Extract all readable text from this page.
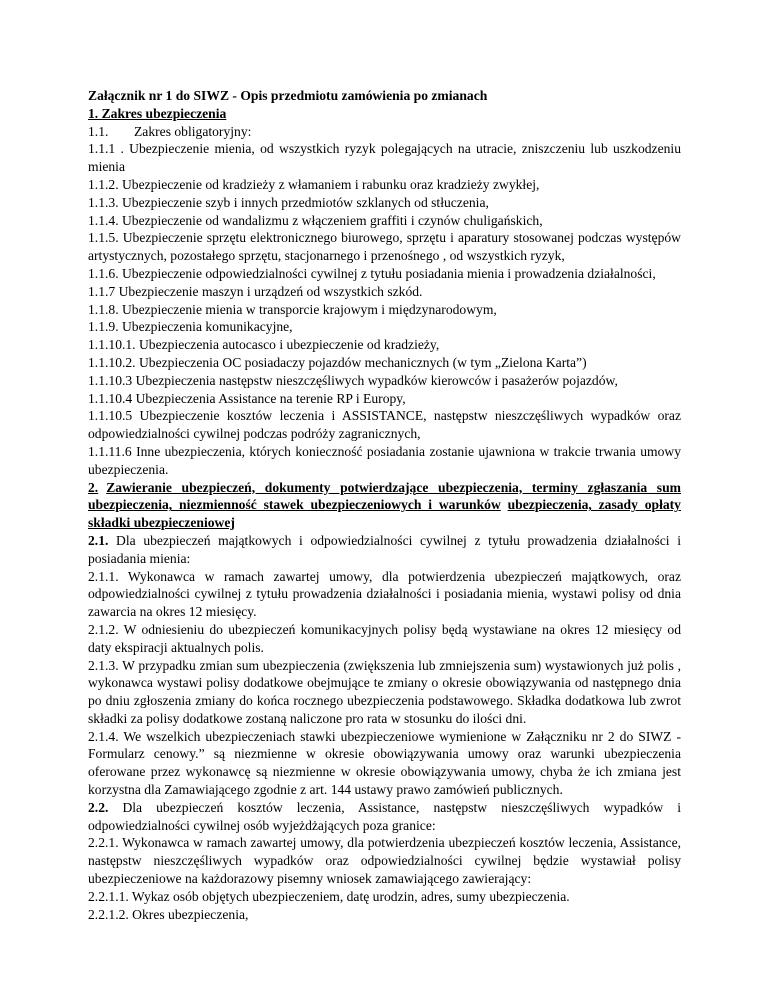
Załącznik nr 1 do SIWZ - Opis przedmiotu zamówienia po zmianach

1. Zakres ubezpieczenia

1.1. Zakres obligatoryjny:

1.1.1 . Ubezpieczenie mienia, od wszystkich ryzyk polegających na utracie, zniszczeniu lub uszkodzeniu mienia

1.1.2. Ubezpieczenie od kradzieży z włamaniem i rabunku oraz kradzieży zwykłej,

1.1.3. Ubezpieczenie szyb i innych przedmiotów szklanych od stłuczenia,

1.1.4. Ubezpieczenie od wandalizmu z włączeniem graffiti i czynów chuligańskich,

1.1.5. Ubezpieczenie sprzętu elektronicznego biurowego, sprzętu i aparatury stosowanej podczas występów artystycznych, pozostałego sprzętu, stacjonarnego i przenośnego , od wszystkich ryzyk,

1.1.6. Ubezpieczenie odpowiedzialności cywilnej z tytułu posiadania mienia i prowadzenia działalności,

1.1.7 Ubezpieczenie maszyn i urządzeń od wszystkich szkód.

1.1.8. Ubezpieczenie mienia w transporcie krajowym i międzynarodowym,

1.1.9. Ubezpieczenia komunikacyjne,

1.1.10.1. Ubezpieczenia autocasco i ubezpieczenie od kradzieży,

1.1.10.2. Ubezpieczenia OC posiadaczy pojazdów mechanicznych (w tym „Zielona Karta”)

1.1.10.3 Ubezpieczenia następstw nieszczęśliwych wypadków kierowców i pasażerów pojazdów,

1.1.10.4 Ubezpieczenia Assistance na terenie RP i Europy,

1.1.10.5 Ubezpieczenie kosztów leczenia i ASSISTANCE, następstw nieszczęśliwych wypadków oraz odpowiedzialności cywilnej podczas podróży zagranicznych,

1.1.11.6 Inne ubezpieczenia, których konieczność posiadania zostanie ujawniona w trakcie trwania umowy ubezpieczenia.

2. Zawieranie ubezpieczeń, dokumenty potwierdzające ubezpieczenia, terminy zgłaszania sum ubezpieczenia, niezmienność stawek ubezpieczeniowych i warunków ubezpieczenia, zasady opłaty składki ubezpieczeniowej

2.1. Dla ubezpieczeń majątkowych i odpowiedzialności cywilnej z tytułu prowadzenia działalności i posiadania mienia:

2.1.1. Wykonawca w ramach zawartej umowy, dla potwierdzenia ubezpieczeń majątkowych, oraz odpowiedzialności cywilnej z tytułu prowadzenia działalności i posiadania mienia, wystawi polisy od dnia zawarcia na okres 12 miesięcy.

2.1.2. W odniesieniu do ubezpieczeń komunikacyjnych polisy będą wystawiane na okres 12 miesięcy od daty ekspiracji aktualnych polis.

2.1.3. W przypadku zmian sum ubezpieczenia (zwiększenia lub zmniejszenia sum) wystawionych już polis , wykonawca wystawi polisy dodatkowe obejmujące te zmiany o okresie obowiązywania od następnego dnia po dniu zgłoszenia zmiany do końca rocznego ubezpieczenia podstawowego. Składka dodatkowa lub zwrot składki za polisy dodatkowe zostaną naliczone pro rata w stosunku do ilości dni.

2.1.4. We wszelkich ubezpieczeniach stawki ubezpieczeniowe wymienione w Załączniku nr 2 do SIWZ - Formularz cenowy.” są niezmienne w okresie obowiązywania umowy oraz warunki ubezpieczenia oferowane przez wykonawcę są niezmienne w okresie obowiązywania umowy, chyba że ich zmiana jest korzystna dla Zamawiającego zgodnie z art. 144 ustawy prawo zamówień publicznych.

2.2. Dla ubezpieczeń kosztów leczenia, Assistance, następstw nieszczęśliwych wypadków i odpowiedzialności cywilnej osób wyjeżdżających poza granice:

2.2.1. Wykonawca w ramach zawartej umowy, dla potwierdzenia ubezpieczeń kosztów leczenia, Assistance, następstw nieszczęśliwych wypadków oraz odpowiedzialności cywilnej będzie wystawiał polisy ubezpieczeniowe na każdorazowy pisemny wniosek zamawiającego zawierający:

2.2.1.1. Wykaz osób objętych ubezpieczeniem, datę urodzin, adres, sumy ubezpieczenia.

2.2.1.2. Okres ubezpieczenia,
